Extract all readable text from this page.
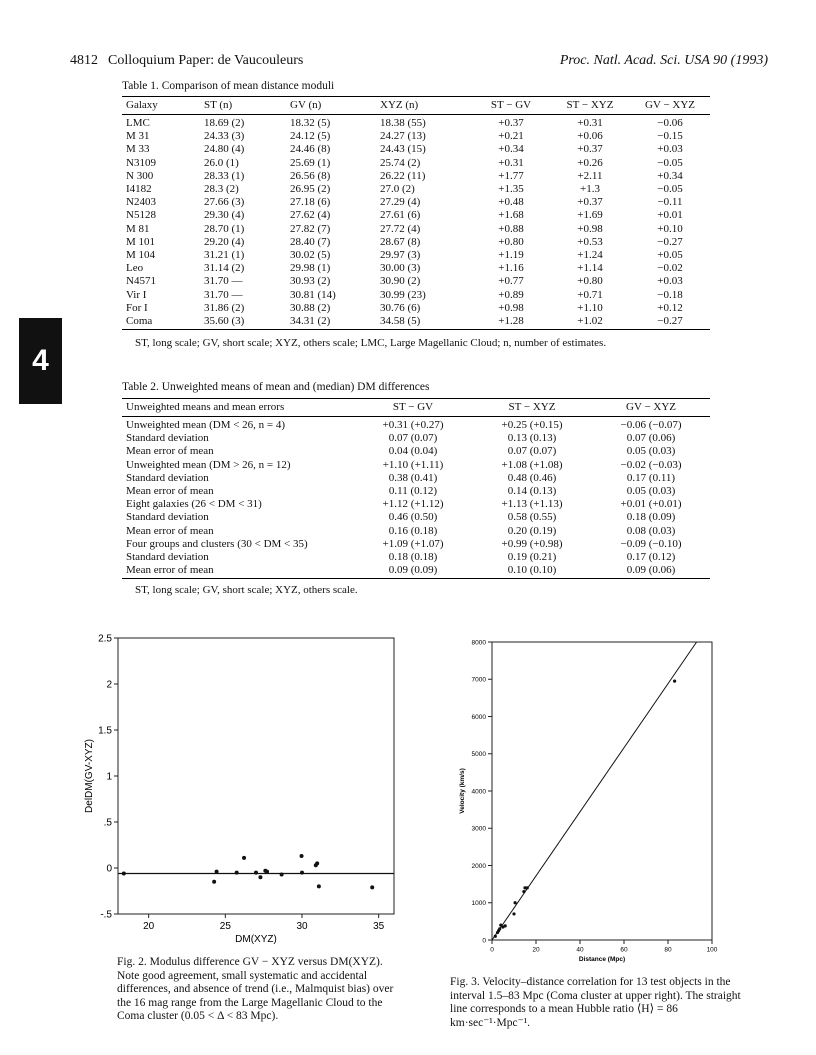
4812 Colloquium Paper: de Vaucouleurs	Proc. Natl. Acad. Sci. USA 90 (1993)
4
Table 1. Comparison of mean distance moduli
Galaxy	ST (n)	GV (n)	XYZ (n)	ST − GV	ST − XYZ	GV − XYZ
LMC	18.69 (2)	18.32 (5)	18.38 (55)	+0.37	+0.31	−0.06
M 31	24.33 (3)	24.12 (5)	24.27 (13)	+0.21	+0.06	−0.15
M 33	24.80 (4)	24.46 (8)	24.43 (15)	+0.34	+0.37	+0.03
N3109	26.0 (1)	25.69 (1)	25.74 (2)	+0.31	+0.26	−0.05
N 300	28.33 (1)	26.56 (8)	26.22 (11)	+1.77	+2.11	+0.34
I4182	28.3 (2)	26.95 (2)	27.0 (2)	+1.35	+1.3	−0.05
N2403	27.66 (3)	27.18 (6)	27.29 (4)	+0.48	+0.37	−0.11
N5128	29.30 (4)	27.62 (4)	27.61 (6)	+1.68	+1.69	+0.01
M 81	28.70 (1)	27.82 (7)	27.72 (4)	+0.88	+0.98	+0.10
M 101	29.20 (4)	28.40 (7)	28.67 (8)	+0.80	+0.53	−0.27
M 104	31.21 (1)	30.02 (5)	29.97 (3)	+1.19	+1.24	+0.05
Leo	31.14 (2)	29.98 (1)	30.00 (3)	+1.16	+1.14	−0.02
N4571	31.70 —	30.93 (2)	30.90 (2)	+0.77	+0.80	+0.03
Vir I	31.70 —	30.81 (14)	30.99 (23)	+0.89	+0.71	−0.18
For I	31.86 (2)	30.88 (2)	30.76 (6)	+0.98	+1.10	+0.12
Coma	35.60 (3)	34.31 (2)	34.58 (5)	+1.28	+1.02	−0.27
ST, long scale; GV, short scale; XYZ, others scale; LMC, Large Magellanic Cloud; n, number of estimates.
Table 2. Unweighted means of mean and (median) DM differences
Unweighted means and mean errors	ST − GV	ST − XYZ	GV − XYZ
Unweighted mean (DM < 26, n = 4)	+0.31 (+0.27)	+0.25 (+0.15)	−0.06 (−0.07)
Standard deviation	0.07 (0.07)	0.13 (0.13)	0.07 (0.06)
Mean error of mean	0.04 (0.04)	0.07 (0.07)	0.05 (0.03)
Unweighted mean (DM > 26, n = 12)	+1.10 (+1.11)	+1.08 (+1.08)	−0.02 (−0.03)
Standard deviation	0.38 (0.41)	0.48 (0.46)	0.17 (0.11)
Mean error of mean	0.11 (0.12)	0.14 (0.13)	0.05 (0.03)
Eight galaxies (26 < DM < 31)	+1.12 (+1.12)	+1.13 (+1.13)	+0.01 (+0.01)
Standard deviation	0.46 (0.50)	0.58 (0.55)	0.18 (0.09)
Mean error of mean	0.16 (0.18)	0.20 (0.19)	0.08 (0.03)
Four groups and clusters (30 < DM < 35)	+1.09 (+1.07)	+0.99 (+0.98)	−0.09 (−0.10)
Standard deviation	0.18 (0.18)	0.19 (0.21)	0.17 (0.12)
Mean error of mean	0.09 (0.09)	0.10 (0.10)	0.09 (0.06)
ST, long scale; GV, short scale; XYZ, others scale.
20	25	30	35
-.5
0
.5
1
1.5
2
2.5
DM(XYZ)
DelDM(GV-XYZ)
Fig. 2. Modulus difference GV − XYZ versus DM(XYZ). Note good agreement, small systematic and accidental differences, and absence of trend (i.e., Malmquist bias) over the 16 mag range from the Large Magellanic Cloud to the Coma cluster (0.05 < Δ < 83 Mpc).
0	20	40	60	80	100
0
1000
2000
3000
4000
5000
6000
7000
8000
Distance (Mpc)
Velocity (km/s)
Fig. 3. Velocity–distance correlation for 13 test objects in the interval 1.5–83 Mpc (Coma cluster at upper right). The straight line corresponds to a mean Hubble ratio ⟨H⟩ = 86 km·sec⁻¹·Mpc⁻¹.
